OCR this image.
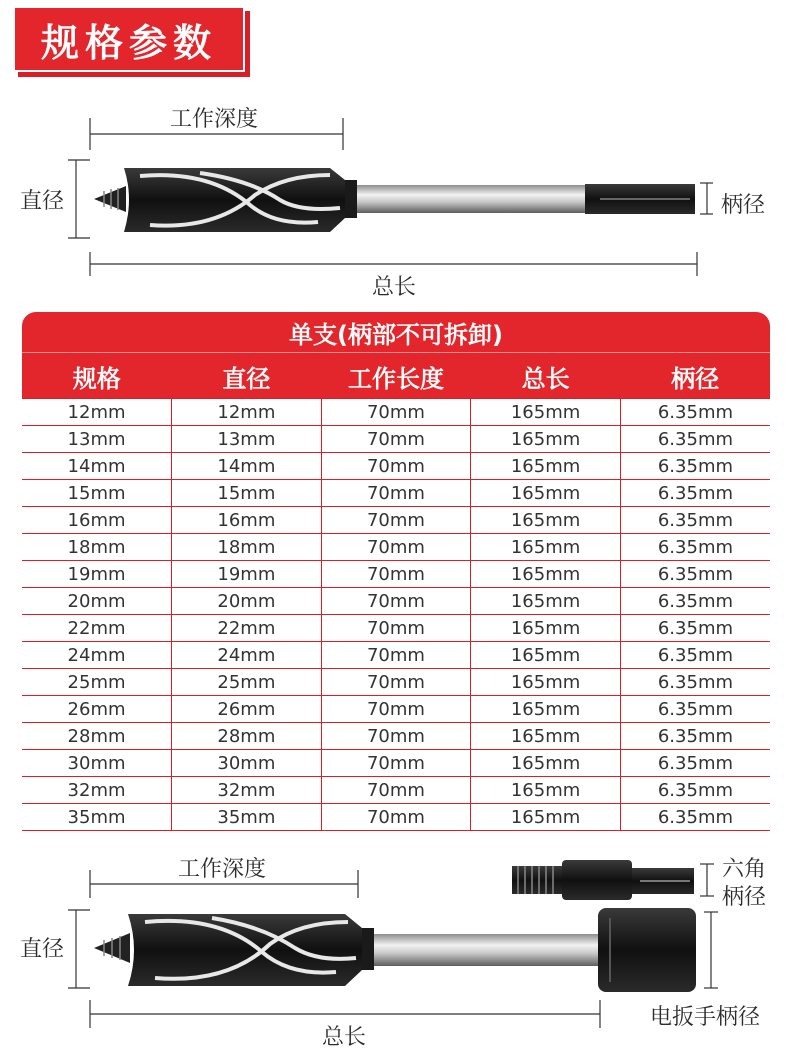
规格参数
工作深度
直径	柄径
总长
单支(柄部不可拆卸)
规格	直径	工作长度	总长	柄径
12mm	12mm	70mm	165mm	6.35mm
13mm	13mm	70mm	165mm	6.35mm
14mm	14mm	70mm	165mm	6.35mm
15mm	15mm	70mm	165mm	6.35mm
16mm	16mm	70mm	165mm	6.35mm
18mm	18mm	70mm	165mm	6.35mm
19mm	19mm	70mm	165mm	6.35mm
20mm	20mm	70mm	165mm	6.35mm
22mm	22mm	70mm	165mm	6.35mm
24mm	24mm	70mm	165mm	6.35mm
25mm	25mm	70mm	165mm	6.35mm
26mm	26mm	70mm	165mm	6.35mm
28mm	28mm	70mm	165mm	6.35mm
30mm	30mm	70mm	165mm	6.35mm
32mm	32mm	70mm	165mm	6.35mm
35mm	35mm	70mm	165mm	6.35mm
工作深度
直径
六角
柄径
电扳手柄径
总长
